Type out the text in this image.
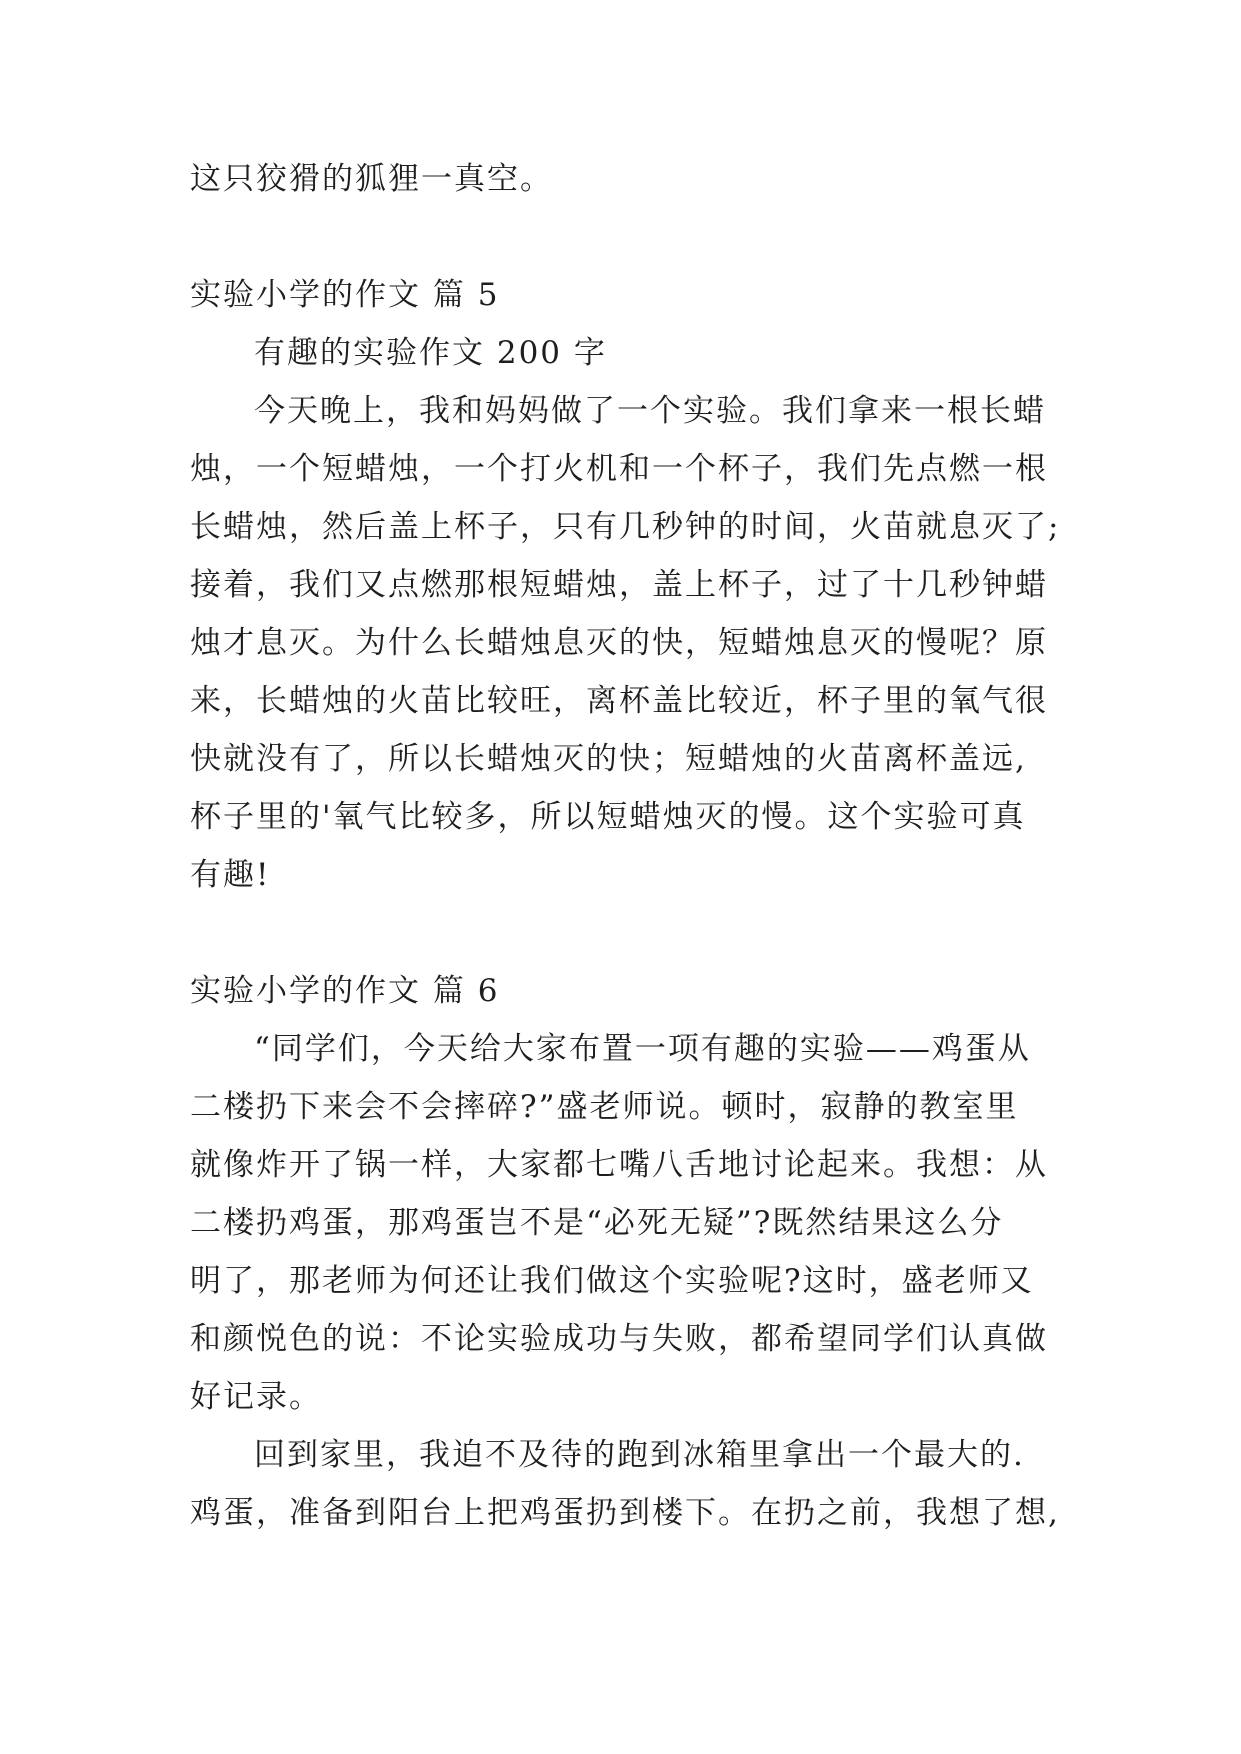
这只狡猾的狐狸一真空。
实验小学的作文 篇 5
有趣的实验作文 200 字
今天晚上，我和妈妈做了一个实验。我们拿来一根长蜡
烛，一个短蜡烛，一个打火机和一个杯子，我们先点燃一根
长蜡烛，然后盖上杯子，只有几秒钟的时间，火苗就息灭了;
接着，我们又点燃那根短蜡烛，盖上杯子，过了十几秒钟蜡
烛才息灭。为什么长蜡烛息灭的快，短蜡烛息灭的慢呢？原
来，长蜡烛的火苗比较旺，离杯盖比较近，杯子里的氧气很
快就没有了，所以长蜡烛灭的快；短蜡烛的火苗离杯盖远,
杯子里的'氧气比较多，所以短蜡烛灭的慢。这个实验可真
有趣!
实验小学的作文 篇 6
“同学们，今天给大家布置一项有趣的实验——鸡蛋从
二楼扔下来会不会摔碎?”盛老师说。顿时，寂静的教室里
就像炸开了锅一样，大家都七嘴八舌地讨论起来。我想：从
二楼扔鸡蛋，那鸡蛋岂不是“必死无疑”?既然结果这么分
明了，那老师为何还让我们做这个实验呢?这时，盛老师又
和颜悦色的说：不论实验成功与失败，都希望同学们认真做
好记录。
回到家里，我迫不及待的跑到冰箱里拿出一个最大的.
鸡蛋，准备到阳台上把鸡蛋扔到楼下。在扔之前，我想了想,
